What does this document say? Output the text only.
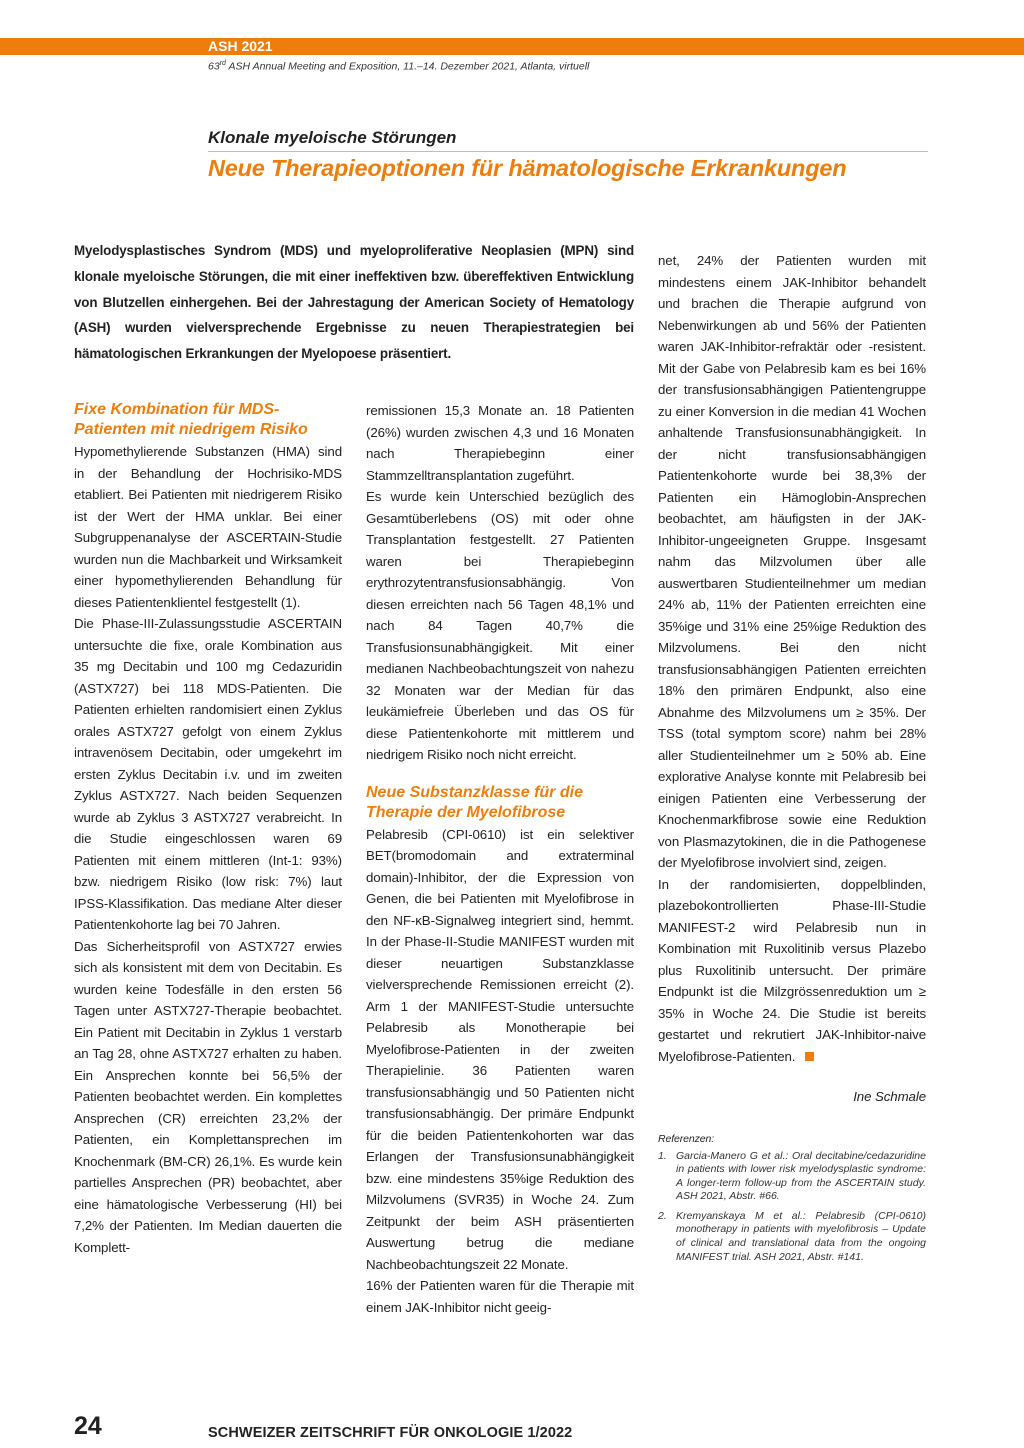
ASH 2021
63rd ASH Annual Meeting and Exposition, 11.–14. Dezember 2021, Atlanta, virtuell
Klonale myeloische Störungen
Neue Therapieoptionen für hämatologische Erkrankungen

Myelodysplastisches Syndrom (MDS) und myeloproliferative Neoplasien (MPN) sind klonale myeloische Störungen, die mit einer ineffektiven bzw. übereffektiven Entwicklung von Blutzellen einhergehen. Bei der Jahrestagung der American Society of Hematology (ASH) wurden vielversprechende Ergebnisse zu neuen Therapiestrategien bei hämatologischen Erkrankungen der Myelopoese präsentiert.

Fixe Kombination für MDS-Patienten mit niedrigem Risiko

Hypomethylierende Substanzen (HMA) sind in der Behandlung der Hochrisiko-MDS etabliert. Bei Patienten mit niedrigerem Risiko ist der Wert der HMA unklar. Bei einer Subgruppenanalyse der ASCERTAIN-Studie wurden nun die Machbarkeit und Wirksamkeit einer hypomethylierenden Behandlung für dieses Patientenklientel festgestellt (1).

Die Phase-III-Zulassungsstudie ASCERTAIN untersuchte die fixe, orale Kombination aus 35 mg Decitabin und 100 mg Cedazuridin (ASTX727) bei 118 MDS-Patienten. Die Patienten erhielten randomisiert einen Zyklus orales ASTX727 gefolgt von einem Zyklus intravenösem Decitabin, oder umgekehrt im ersten Zyklus Decitabin i.v. und im zweiten Zyklus ASTX727. Nach beiden Sequenzen wurde ab Zyklus 3 ASTX727 verabreicht. In die Studie eingeschlossen waren 69 Patienten mit einem mittleren (Int-1: 93%) bzw. niedrigem Risiko (low risk: 7%) laut IPSS-Klassifikation. Das mediane Alter dieser Patientenkohorte lag bei 70 Jahren.

Das Sicherheitsprofil von ASTX727 erwies sich als konsistent mit dem von Decitabin. Es wurden keine Todesfälle in den ersten 56 Tagen unter ASTX727-Therapie beobachtet. Ein Patient mit Decitabin in Zyklus 1 verstarb an Tag 28, ohne ASTX727 erhalten zu haben. Ein Ansprechen konnte bei 56,5% der Patienten beobachtet werden. Ein komplettes Ansprechen (CR) erreichten 23,2% der Patienten, ein Komplettansprechen im Knochenmark (BM-CR) 26,1%. Es wurde kein partielles Ansprechen (PR) beobachtet, aber eine hämatologische Verbesserung (HI) bei 7,2% der Patienten. Im Median dauerten die Komplett-

remissionen 15,3 Monate an. 18 Patienten (26%) wurden zwischen 4,3 und 16 Monaten nach Therapiebeginn einer Stammzelltransplantation zugeführt.

Es wurde kein Unterschied bezüglich des Gesamtüberlebens (OS) mit oder ohne Transplantation festgestellt. 27 Patienten waren bei Therapiebeginn erythrozytentransfusionsabhängig. Von diesen erreichten nach 56 Tagen 48,1% und nach 84 Tagen 40,7% die Transfusionsunabhängigkeit. Mit einer medianen Nachbeobachtungszeit von nahezu 32 Monaten war der Median für das leukämiefreie Überleben und das OS für diese Patientenkohorte mit mittlerem und niedrigem Risiko noch nicht erreicht.

Neue Substanzklasse für die Therapie der Myelofibrose

Pelabresib (CPI-0610) ist ein selektiver BET(bromodomain and extraterminal domain)-Inhibitor, der die Expression von Genen, die bei Patienten mit Myelofibrose in den NF-κB-Signalweg integriert sind, hemmt. In der Phase-II-Studie MANIFEST wurden mit dieser neuartigen Substanzklasse vielversprechende Remissionen erreicht (2). Arm 1 der MANIFEST-Studie untersuchte Pelabresib als Monotherapie bei Myelofibrose-Patienten in der zweiten Therapielinie. 36 Patienten waren transfusionsabhängig und 50 Patienten nicht transfusionsabhängig. Der primäre Endpunkt für die beiden Patientenkohorten war das Erlangen der Transfusionsunabhängigkeit bzw. eine mindestens 35%ige Reduktion des Milzvolumens (SVR35) in Woche 24. Zum Zeitpunkt der beim ASH präsentierten Auswertung betrug die mediane Nachbeobachtungszeit 22 Monate.

16% der Patienten waren für die Therapie mit einem JAK-Inhibitor nicht geeig-

net, 24% der Patienten wurden mit mindestens einem JAK-Inhibitor behandelt und brachen die Therapie aufgrund von Nebenwirkungen ab und 56% der Patienten waren JAK-Inhibitor-refraktär oder -resistent. Mit der Gabe von Pelabresib kam es bei 16% der transfusionsabhängigen Patientengruppe zu einer Konversion in die median 41 Wochen anhaltende Transfusionsunabhängigkeit. In der nicht transfusionsabhängigen Patientenkohorte wurde bei 38,3% der Patienten ein Hämoglobin-Ansprechen beobachtet, am häufigsten in der JAK-Inhibitor-ungeeigneten Gruppe. Insgesamt nahm das Milzvolumen über alle auswertbaren Studienteilnehmer um median 24% ab, 11% der Patienten erreichten eine 35%ige und 31% eine 25%ige Reduktion des Milzvolumens. Bei den nicht transfusionsabhängigen Patienten erreichten 18% den primären Endpunkt, also eine Abnahme des Milzvolumens um ≥ 35%. Der TSS (total symptom score) nahm bei 28% aller Studienteilnehmer um ≥ 50% ab. Eine explorative Analyse konnte mit Pelabresib bei einigen Patienten eine Verbesserung der Knochenmarkfibrose sowie eine Reduktion von Plasmazytokinen, die in die Pathogenese der Myelofibrose involviert sind, zeigen.

In der randomisierten, doppelblinden, plazebokontrollierten Phase-III-Studie MANIFEST-2 wird Pelabresib nun in Kombination mit Ruxolitinib versus Plazebo plus Ruxolitinib untersucht. Der primäre Endpunkt ist die Milzgrössenreduktion um ≥ 35% in Woche 24. Die Studie ist bereits gestartet und rekrutiert JAK-Inhibitor-naive Myelofibrose-Patienten.

Ine Schmale

Referenzen:

1. Garcia-Manero G et al.: Oral decitabine/cedazuridine in patients with lower risk myelodysplastic syndrome: A longer-term follow-up from the ASCERTAIN study. ASH 2021, Abstr. #66.
2. Kremyanskaya M et al.: Pelabresib (CPI-0610) monotherapy in patients with myelofibrosis – Update of clinical and translational data from the ongoing MANIFEST trial. ASH 2021, Abstr. #141.
24	SCHWEIZER ZEITSCHRIFT FÜR ONKOLOGIE 1/2022
